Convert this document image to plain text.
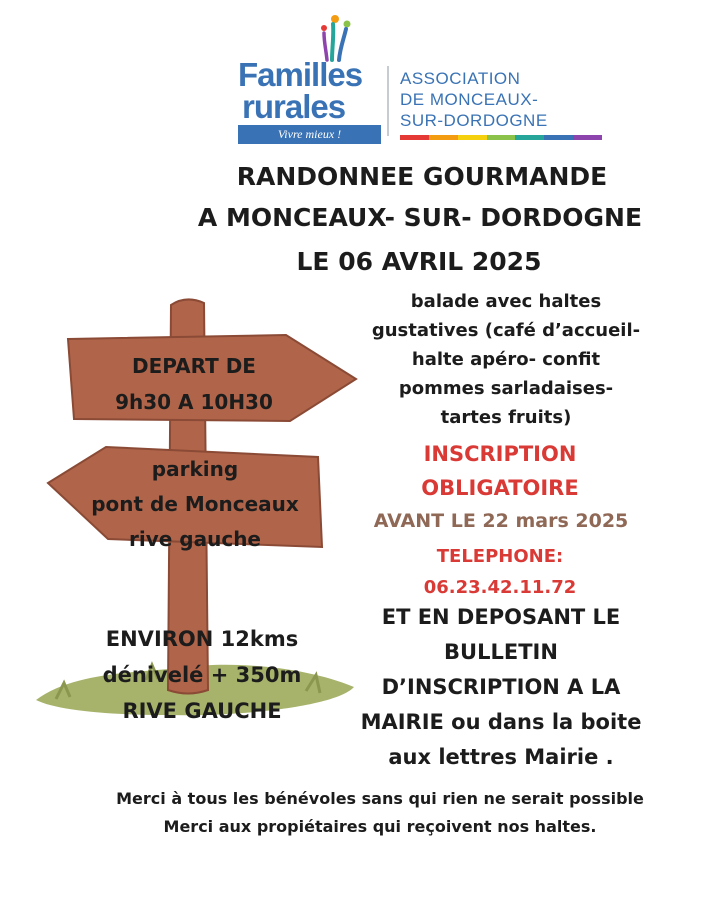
Familles
rurales
Vivre mieux !
ASSOCIATION
DE MONCEAUX-
SUR-DORDOGNE
RANDONNEE GOURMANDE
A MONCEAUX- SUR- DORDOGNE
LE 06 AVRIL 2025
DEPART DE
9h30 A 10H30
parking
pont de Monceaux
rive gauche
ENVIRON 12kms
dénivelé + 350m
RIVE GAUCHE
balade avec haltes
gustatives (café d’accueil-
halte apéro- confit
pommes sarladaises-
tartes fruits)
INSCRIPTION
OBLIGATOIRE
AVANT LE 22 mars 2025
TELEPHONE:
06.23.42.11.72
ET EN DEPOSANT LE
BULLETIN
D’INSCRIPTION A LA
MAIRIE ou dans la boite
aux lettres Mairie .
Merci à tous les bénévoles sans qui rien ne serait possible
Merci aux propiétaires qui reçoivent nos haltes.
